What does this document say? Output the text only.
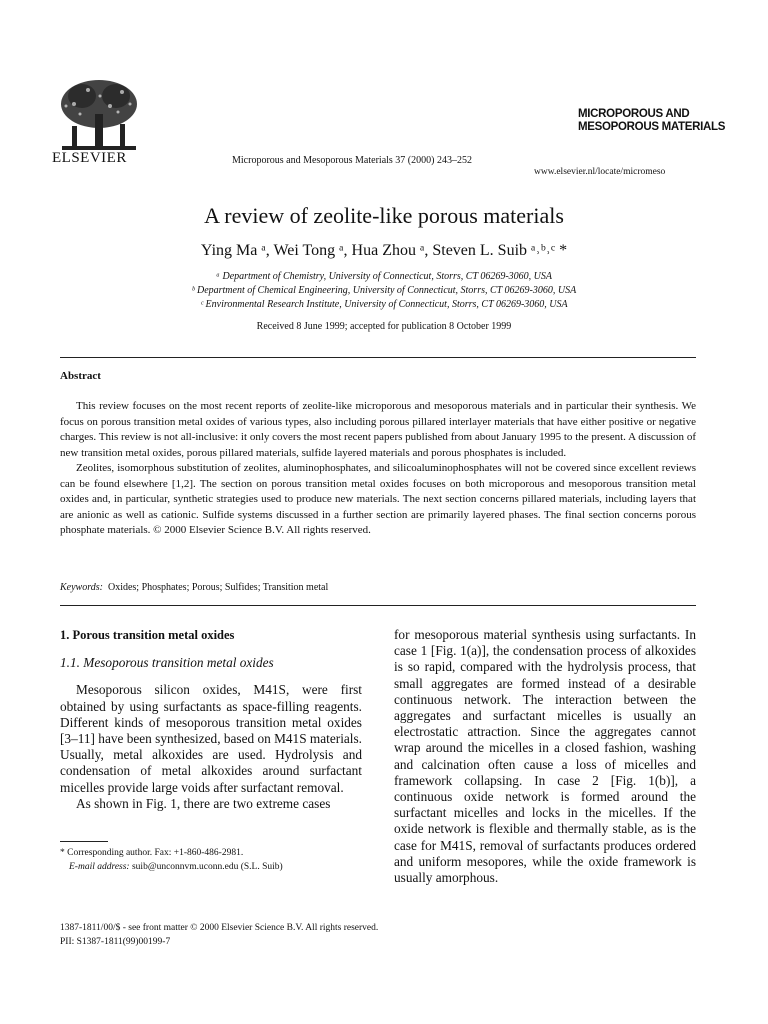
ELSEVIER	Microporous and Mesoporous Materials 37 (2000) 243–252
MICROPOROUS AND
MESOPOROUS MATERIALS
www.elsevier.nl/locate/micromeso
A review of zeolite-like porous materials
Ying Ma ᵃ, Wei Tong ᵃ, Hua Zhou ᵃ, Steven L. Suib ᵃ˒ᵇ˒ᶜ *
ᵃ Department of Chemistry, University of Connecticut, Storrs, CT 06269-3060, USA
ᵇ Department of Chemical Engineering, University of Connecticut, Storrs, CT 06269-3060, USA
ᶜ Environmental Research Institute, University of Connecticut, Storrs, CT 06269-3060, USA
Received 8 June 1999; accepted for publication 8 October 1999
Abstract

This review focuses on the most recent reports of zeolite-like microporous and mesoporous materials and in particular their synthesis. We focus on porous transition metal oxides of various types, also including porous pillared interlayer materials that have either positive or negative charges. This review is not all-inclusive: it only covers the most recent papers published from about January 1995 to the present. A discussion of new transition metal oxides, porous pillared materials, sulfide layered materials and porous phosphates is included.

Zeolites, isomorphous substitution of zeolites, aluminophosphates, and silicoaluminophosphates will not be covered since excellent reviews can be found elsewhere [1,2]. The section on porous transition metal oxides focuses on both microporous and mesoporous transition metal oxides and, in particular, synthetic strategies used to produce new materials. The next section concerns pillared materials, including layers that are anionic as well as cationic. Sulfide systems discussed in a further section are primarily layered phases. The final section concerns porous phosphate materials. © 2000 Elsevier Science B.V. All rights reserved.

Keywords: Oxides; Phosphates; Porous; Sulfides; Transition metal

1. Porous transition metal oxides

1.1. Mesoporous transition metal oxides

Mesoporous silicon oxides, M41S, were first obtained by using surfactants as space-filling reagents. Different kinds of mesoporous transition metal oxides [3–11] have been synthesized, based on M41S materials. Usually, metal alkoxides are used. Hydrolysis and condensation of metal alkoxides around surfactant micelles provide large voids after surfactant removal.

As shown in Fig. 1, there are two extreme cases

for mesoporous material synthesis using surfactants. In case 1 [Fig. 1(a)], the condensation process of alkoxides is so rapid, compared with the hydrolysis process, that small aggregates are formed instead of a desirable continuous network. The interaction between the aggregates and surfactant micelles is usually an electrostatic attraction. Since the aggregates cannot wrap around the micelles in a closed fashion, washing and calcination often cause a loss of micelles and framework collapsing. In case 2 [Fig. 1(b)], a continuous oxide network is formed around the surfactant micelles and locks in the micelles. If the oxide network is flexible and thermally stable, as is the case for M41S, removal of surfactants produces ordered and uniform mesopores, while the oxide framework is usually amorphous.

* Corresponding author. Fax: +1-860-486-2981.
E-mail address: suib@unconnvm.uconn.edu (S.L. Suib)
1387-1811/00/$ - see front matter © 2000 Elsevier Science B.V. All rights reserved.
PII: S1387-1811(99)00199-7
